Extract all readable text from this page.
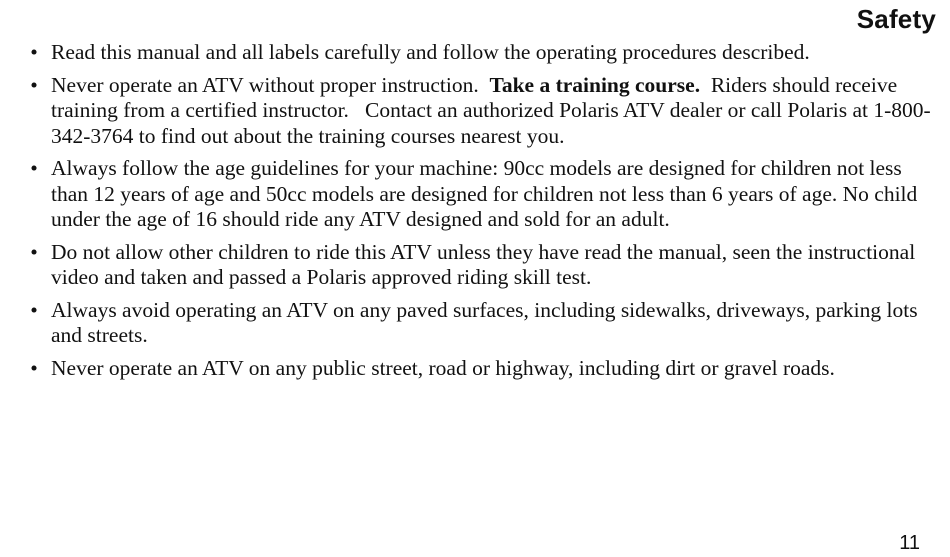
Safety
• Read this manual and all labels carefully and follow the operating procedures described.
• Never operate an ATV without proper instruction.  Take a training course.  Riders should receive training from a certified instructor.   Contact an authorized Polaris ATV dealer or call Polaris at 1-800-342-3764 to find out about the training courses nearest you.
• Always follow the age guidelines for your machine: 90cc models are designed for children not less than 12 years of age and 50cc models are designed for children not less than 6 years of age. No child under the age of 16 should ride any ATV designed and sold for an adult.
• Do not allow other children to ride this ATV unless they have read the manual, seen the instructional video and taken and passed a Polaris approved riding skill test.
• Always avoid operating an ATV on any paved surfaces, including sidewalks, driveways, parking lots and streets.
• Never operate an ATV on any public street, road or highway, including dirt or gravel roads.
11
